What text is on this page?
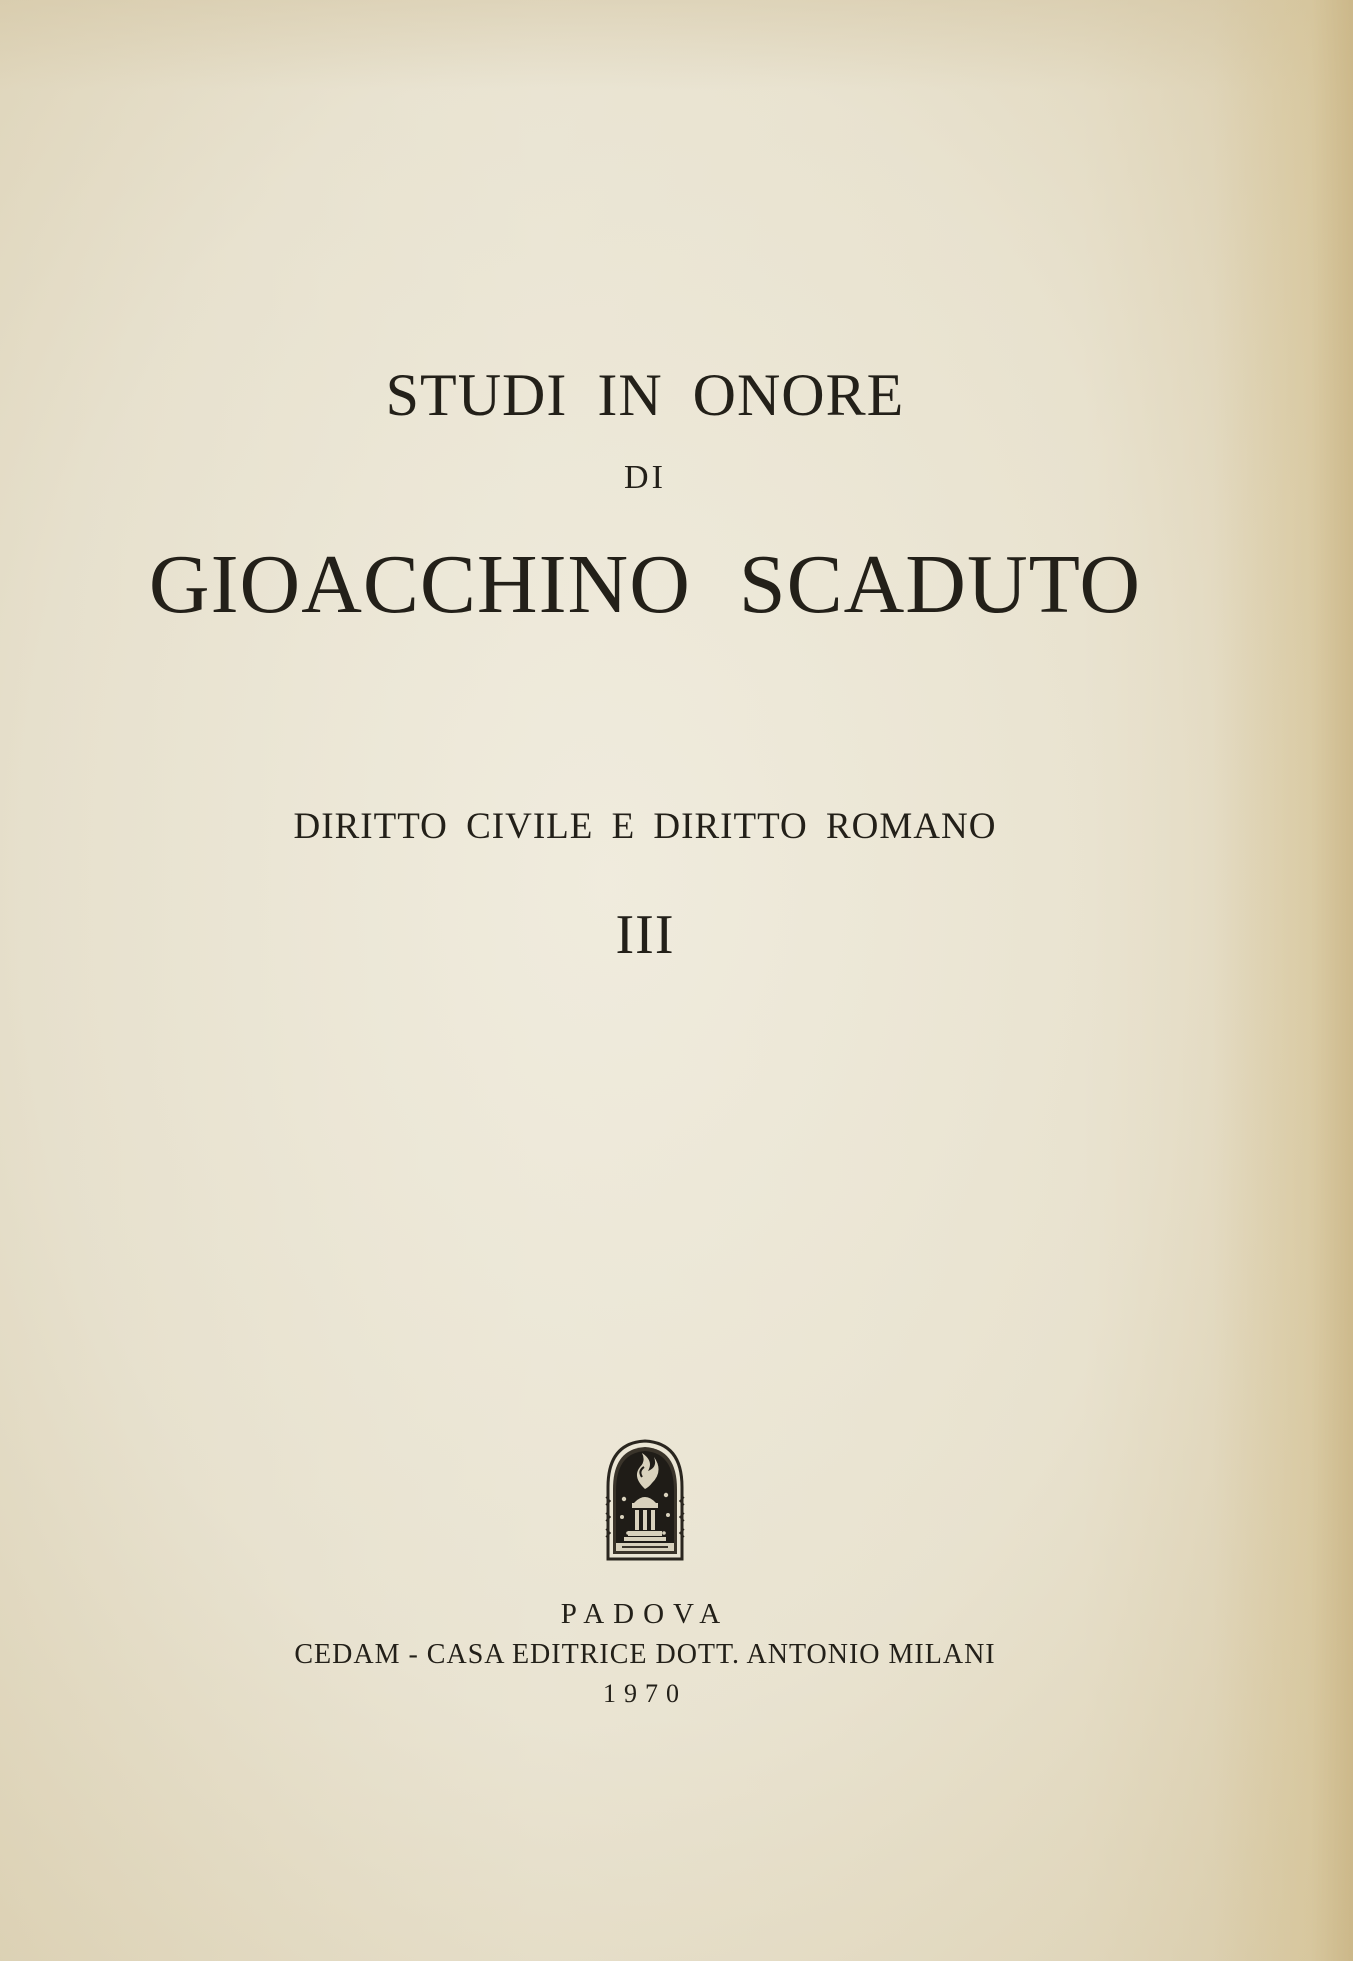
STUDI IN ONORE
DI
GIOACCHINO SCADUTO
DIRITTO CIVILE E DIRITTO ROMANO
III
PADOVA
CEDAM - CASA EDITRICE DOTT. ANTONIO MILANI
1970
